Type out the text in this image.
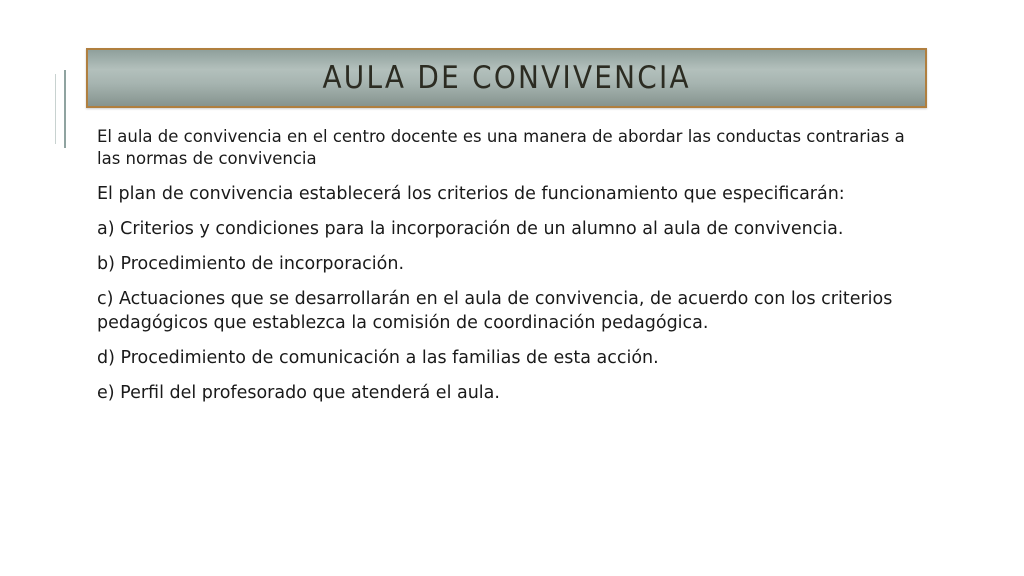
AULA DE CONVIVENCIA

El aula de convivencia en el centro docente es una manera de abordar las conductas contrarias a las normas de convivencia

El plan de convivencia establecerá los criterios de funcionamiento que especificarán:

a) Criterios y condiciones para la incorporación de un alumno al aula de convivencia.

b) Procedimiento de incorporación.

c) Actuaciones que se desarrollarán en el aula de convivencia, de acuerdo con los criterios pedagógicos que establezca la comisión de coordinación pedagógica.

d) Procedimiento de comunicación a las familias de esta acción.

e) Perfil del profesorado que atenderá el aula.
